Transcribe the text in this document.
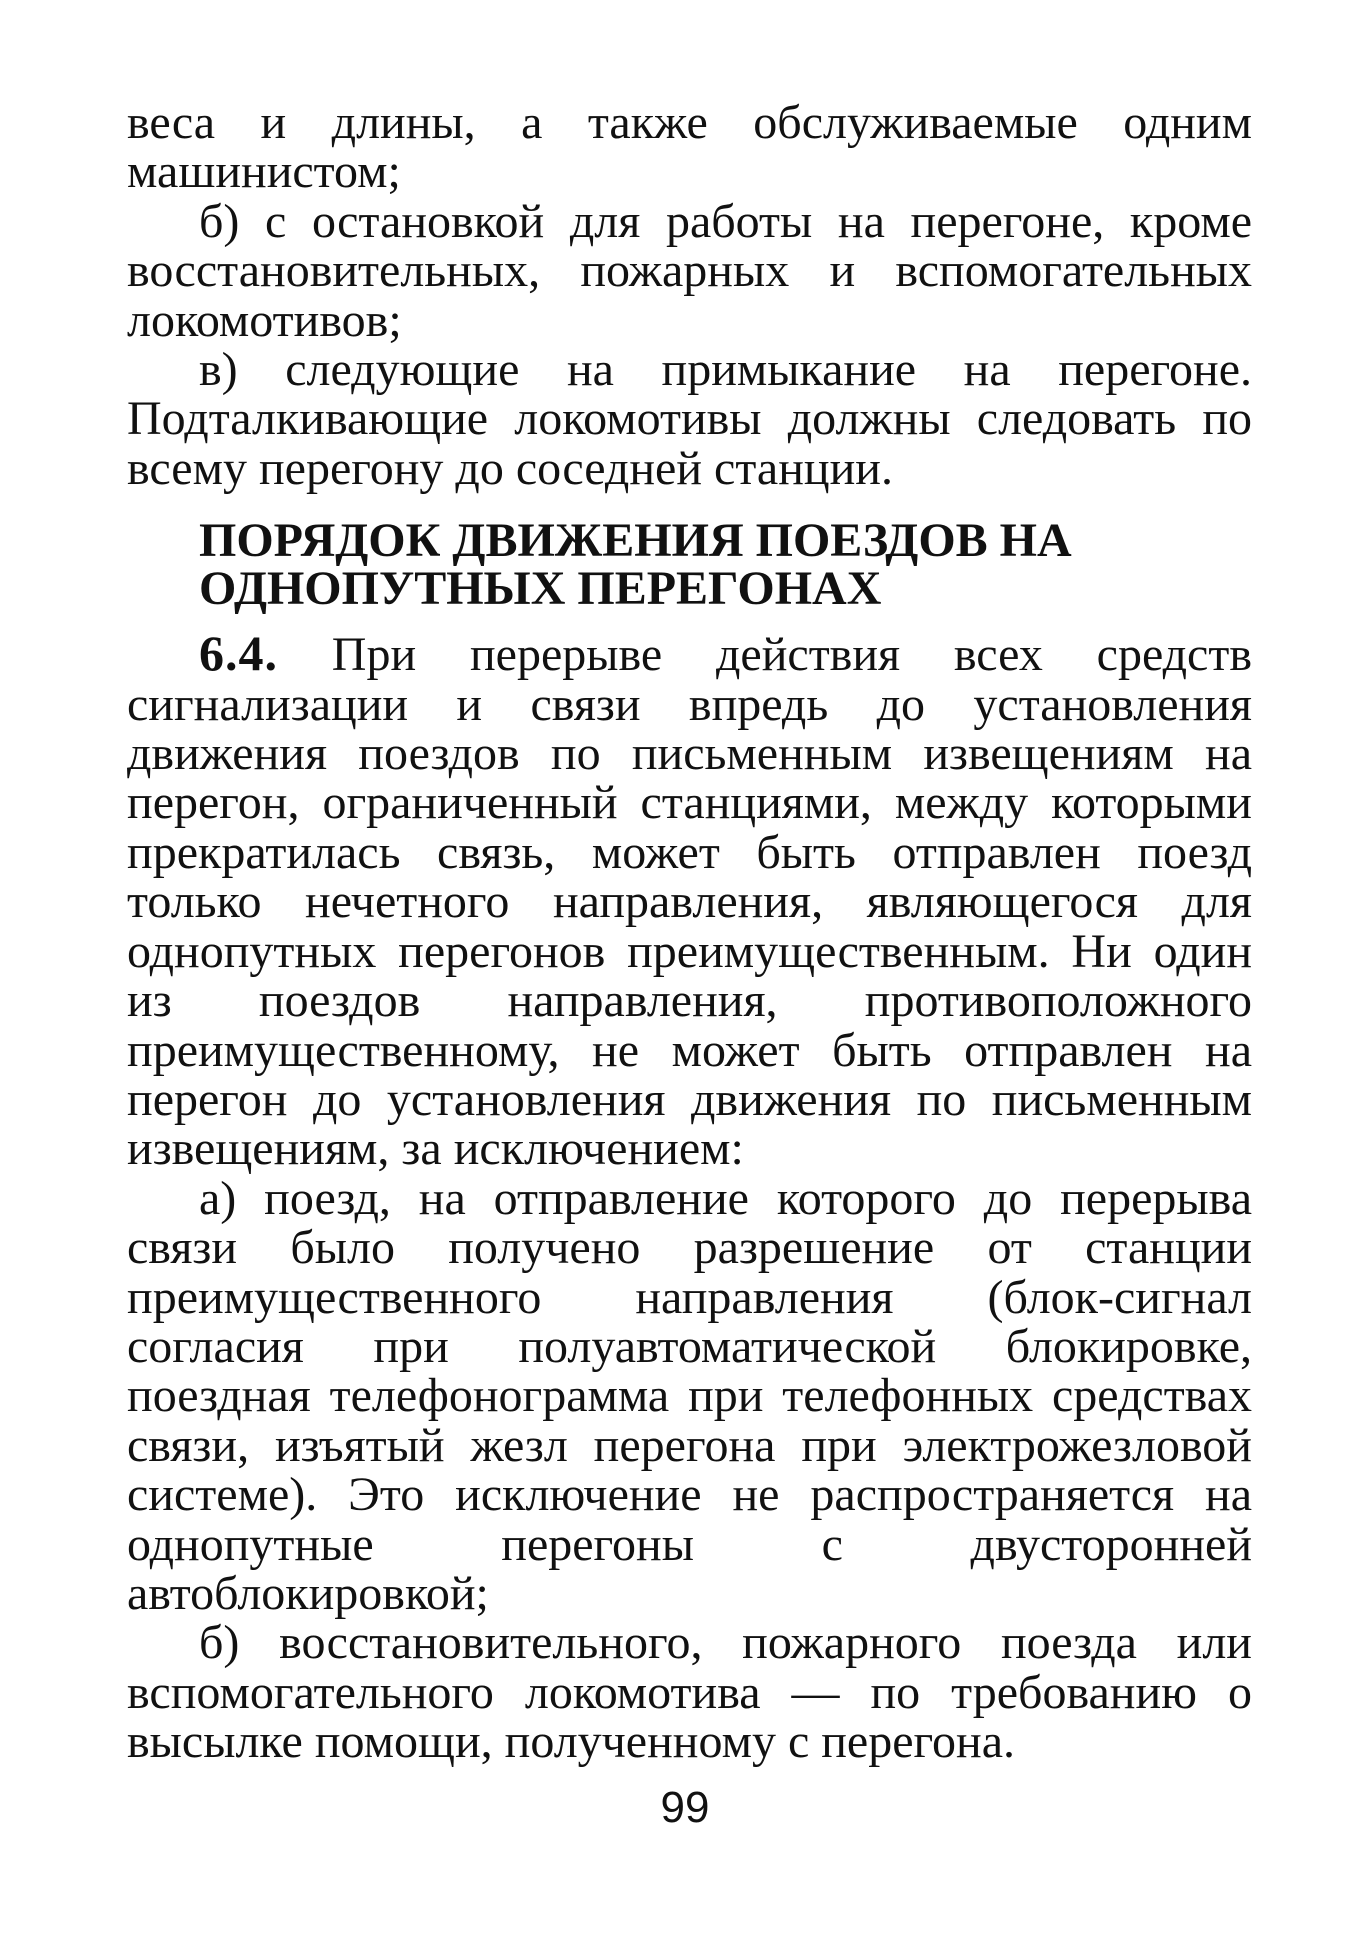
веса и длины, а также обслуживаемые одним машинистом;

б) с остановкой для работы на перегоне, кроме восстановительных, пожарных и вспомогательных локомотивов;

в) следующие на примыкание на перегоне. Подталкивающие локомотивы должны следовать по всему перегону до соседней станции.

ПОРЯДОК ДВИЖЕНИЯ ПОЕЗДОВ НА ОДНОПУТНЫХ ПЕРЕГОНАХ

6.4. При перерыве действия всех средств сигнализации и связи впредь до установления движения поездов по письменным извещениям на перегон, ограниченный станциями, между которыми прекратилась связь, может быть отправлен поезд только нечетного направления, являющегося для однопутных перегонов преимущественным. Ни один из поездов направления, противоположного преимущественному, не может быть отправлен на перегон до установления движения по письменным извещениям, за исключением:

а) поезд, на отправление которого до перерыва связи было получено разрешение от станции преимущественного направления (блок-сигнал согласия при полуавтоматической блокировке, поездная телефонограмма при телефонных средствах связи, изъятый жезл перегона при электрожезловой системе). Это исключение не распространяется на однопутные перегоны с двусторонней автоблокировкой;

б) восстановительного, пожарного поезда или вспомогательного локомотива — по требованию о высылке помощи, полученному с перегона.

99
